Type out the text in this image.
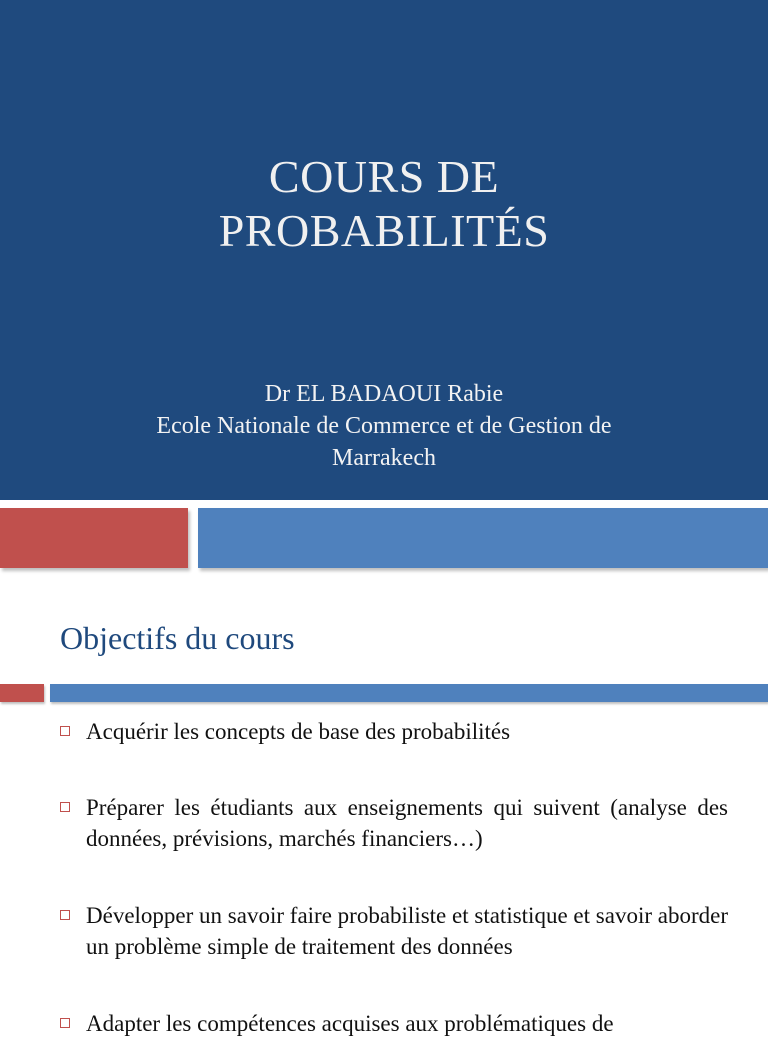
COURS DE
PROBABILITÉS
Dr EL BADAOUI Rabie
Ecole Nationale de Commerce et de Gestion de
Marrakech
Objectifs du cours
Acquérir les concepts de base des probabilités
Préparer les étudiants aux enseignements qui suivent (analyse des données, prévisions, marchés financiers…)
Développer un savoir faire probabiliste et statistique et savoir aborder un problème simple de traitement des données
Adapter les compétences acquises aux problématiques de
